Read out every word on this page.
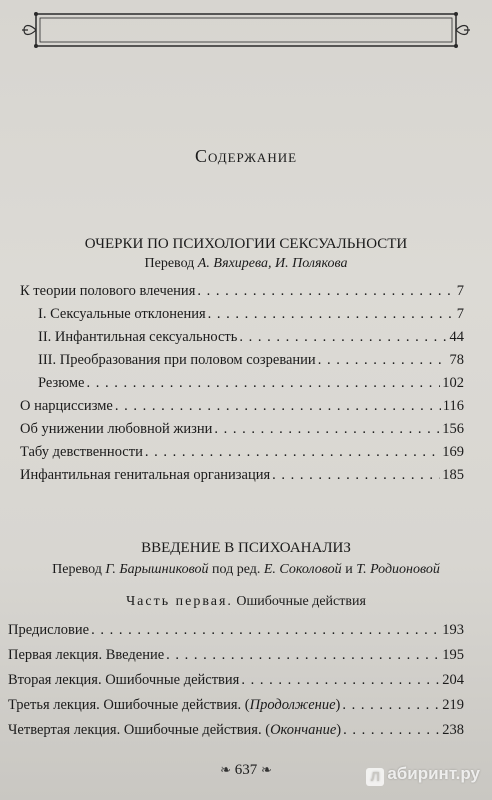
Содержание
ОЧЕРКИ ПО ПСИХОЛОГИИ СЕКСУАЛЬНОСТИ
Перевод А. Вяхирева, И. Полякова
К теории полового влечения . . .	7
I. Сексуальные отклонения . . .	7
II. Инфантильная сексуальность . . .	44
III. Преобразования при половом созревании . . .	78
Резюме . . .	102
О нарциссизме . . .	116
Об унижении любовной жизни . . .	156
Табу девственности . . .	169
Инфантильная генитальная организация . . .	185
ВВЕДЕНИЕ В ПСИХОАНАЛИЗ
Перевод Г. Барышниковой под ред. Е. Соколовой и Т. Родионовой
Часть первая. Ошибочные действия
Предисловие . . .	193
Первая лекция. Введение . . .	195
Вторая лекция. Ошибочные действия . . .	204
Третья лекция. Ошибочные действия. (Продолжение) . . .	219
Четвертая лекция. Ошибочные действия. (Окончание) . . .	238
❧ 637 ❧	Л абиринт.ру
